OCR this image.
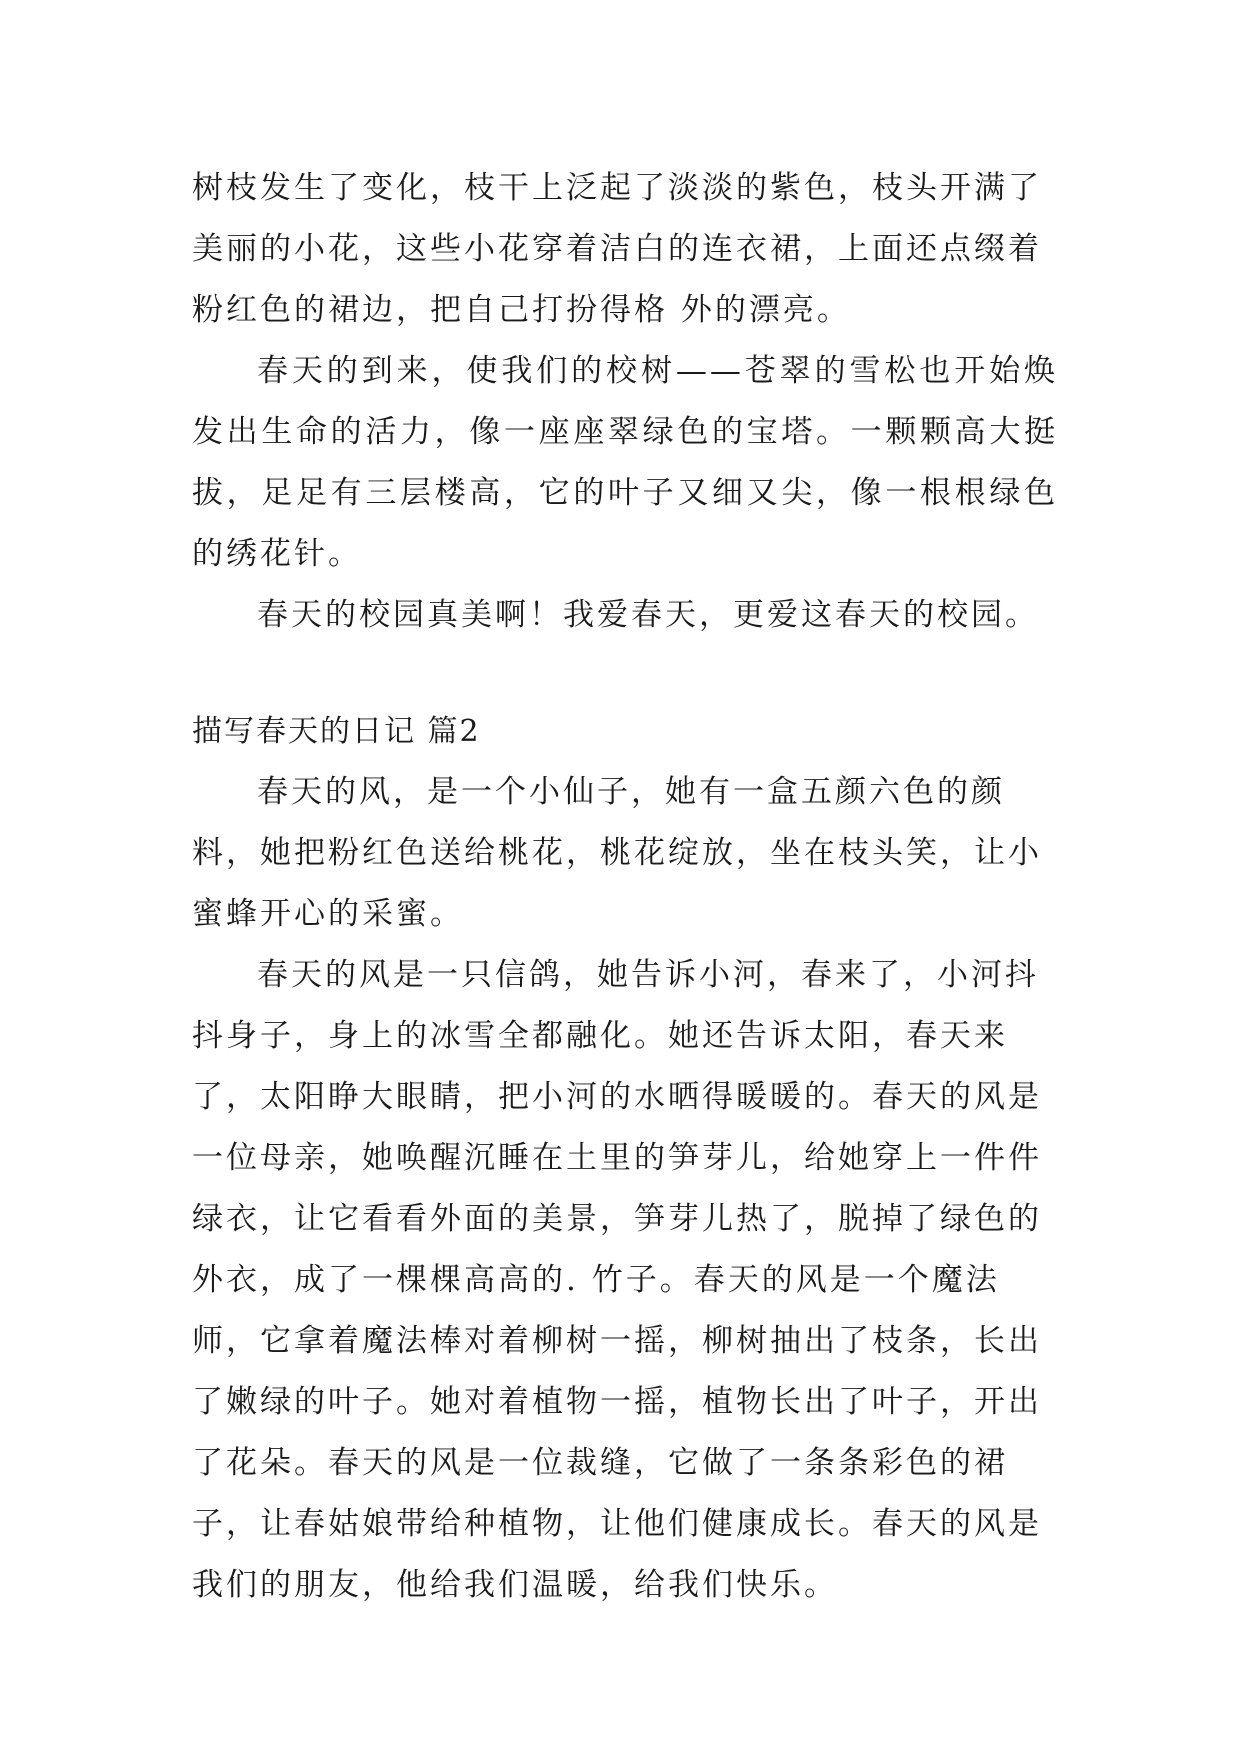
树枝发生了变化，枝干上泛起了淡淡的紫色，枝头开满了美丽的小花，这些小花穿着洁白的连衣裙，上面还点缀着粉红色的裙边，把自己打扮得格 外的漂亮。

春天的到来，使我们的校树——苍翠的雪松也开始焕发出生命的活力，像一座座翠绿色的宝塔。一颗颗高大挺拔，足足有三层楼高，它的叶子又细又尖，像一根根绿色的绣花针。

春天的校园真美啊！我爱春天，更爱这春天的校园。

描写春天的日记 篇2

春天的风，是一个小仙子，她有一盒五颜六色的颜料，她把粉红色送给桃花，桃花绽放，坐在枝头笑，让小蜜蜂开心的采蜜。

春天的风是一只信鸽，她告诉小河，春来了，小河抖抖身子，身上的冰雪全都融化。她还告诉太阳，春天来了，太阳睁大眼睛，把小河的水晒得暖暖的。春天的风是一位母亲，她唤醒沉睡在土里的笋芽儿，给她穿上一件件绿衣，让它看看外面的美景，笋芽儿热了，脱掉了绿色的外衣，成了一棵棵高高的. 竹子。春天的风是一个魔法师，它拿着魔法棒对着柳树一摇，柳树抽出了枝条，长出了嫩绿的叶子。她对着植物一摇，植物长出了叶子，开出了花朵。春天的风是一位裁缝，它做了一条条彩色的裙子，让春姑娘带给种植物，让他们健康成长。春天的风是我们的朋友，他给我们温暖，给我们快乐。
